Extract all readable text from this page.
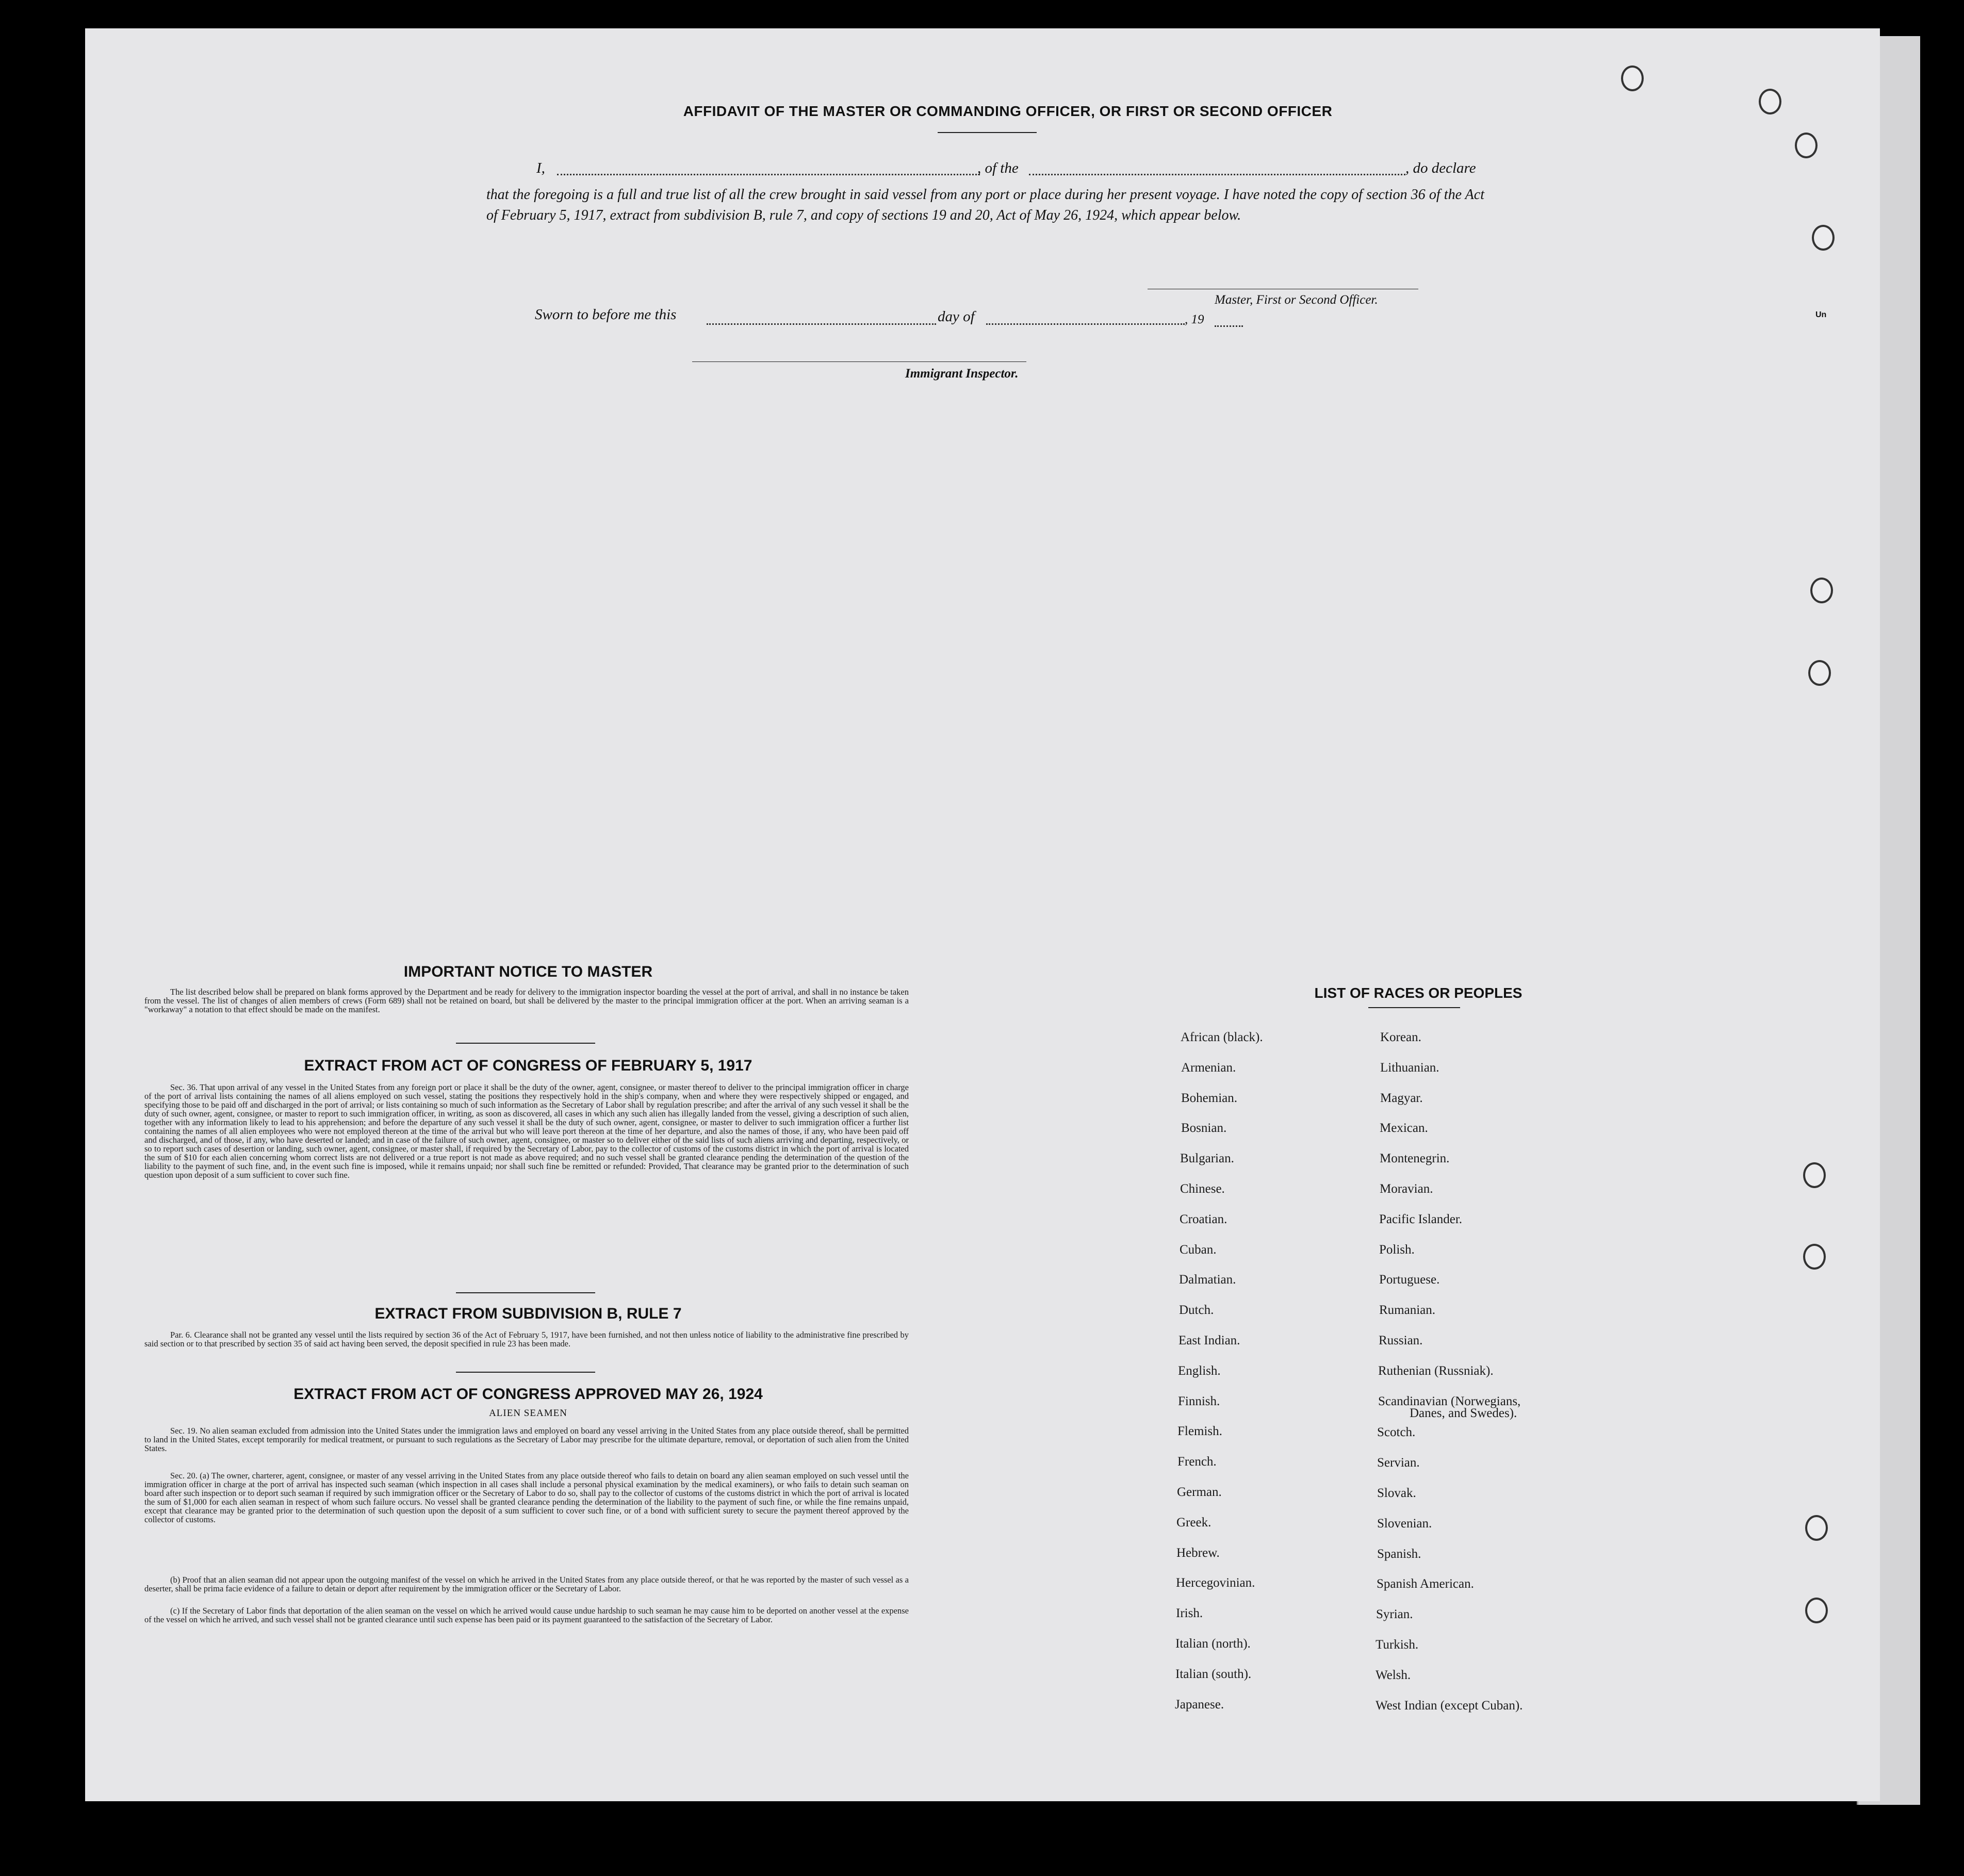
Un
AFFIDAVIT OF THE MASTER OR COMMANDING OFFICER, OR FIRST OR SECOND OFFICER
I,	, of the	, do declare
that the foregoing is a full and true list of all the crew brought in said vessel from any port or place during her present voyage. I have noted the copy of section 36 of the Act of February 5, 1917, extract from subdivision B, rule 7, and copy of sections 19 and 20, Act of May 26, 1924, which appear below.
Master, First or Second Officer.
Sworn to before me this	day of	, 19
Immigrant Inspector.
IMPORTANT NOTICE TO MASTER
The list described below shall be prepared on blank forms approved by the Department and be ready for delivery to the immigration inspector boarding the vessel at the port of arrival, and shall in no instance be taken from the vessel. The list of changes of alien members of crews (Form 689) shall not be retained on board, but shall be delivered by the master to the principal immigration officer at the port. When an arriving seaman is a "workaway" a notation to that effect should be made on the manifest.
EXTRACT FROM ACT OF CONGRESS OF FEBRUARY 5, 1917
Sec. 36. That upon arrival of any vessel in the United States from any foreign port or place it shall be the duty of the owner, agent, consignee, or master thereof to deliver to the principal immigration officer in charge of the port of arrival lists containing the names of all aliens employed on such vessel, stating the positions they respectively hold in the ship's company, when and where they were respectively shipped or engaged, and specifying those to be paid off and discharged in the port of arrival; or lists containing so much of such information as the Secretary of Labor shall by regulation prescribe; and after the arrival of any such vessel it shall be the duty of such owner, agent, consignee, or master to report to such immigration officer, in writing, as soon as discovered, all cases in which any such alien has illegally landed from the vessel, giving a description of such alien, together with any information likely to lead to his apprehension; and before the departure of any such vessel it shall be the duty of such owner, agent, consignee, or master to deliver to such immigration officer a further list containing the names of all alien employees who were not employed thereon at the time of the arrival but who will leave port thereon at the time of her departure, and also the names of those, if any, who have been paid off and discharged, and of those, if any, who have deserted or landed; and in case of the failure of such owner, agent, consignee, or master so to deliver either of the said lists of such aliens arriving and departing, respectively, or so to report such cases of desertion or landing, such owner, agent, consignee, or master shall, if required by the Secretary of Labor, pay to the collector of customs of the customs district in which the port of arrival is located the sum of $10 for each alien concerning whom correct lists are not delivered or a true report is not made as above required; and no such vessel shall be granted clearance pending the determination of the question of the liability to the payment of such fine, and, in the event such fine is imposed, while it remains unpaid; nor shall such fine be remitted or refunded: Provided, That clearance may be granted prior to the determination of such question upon deposit of a sum sufficient to cover such fine.
EXTRACT FROM SUBDIVISION B, RULE 7
Par. 6. Clearance shall not be granted any vessel until the lists required by section 36 of the Act of February 5, 1917, have been furnished, and not then unless notice of liability to the administrative fine prescribed by said section or to that prescribed by section 35 of said act having been served, the deposit specified in rule 23 has been made.
EXTRACT FROM ACT OF CONGRESS APPROVED MAY 26, 1924
ALIEN SEAMEN
Sec. 19. No alien seaman excluded from admission into the United States under the immigration laws and employed on board any vessel arriving in the United States from any place outside thereof, shall be permitted to land in the United States, except temporarily for medical treatment, or pursuant to such regulations as the Secretary of Labor may prescribe for the ultimate departure, removal, or deportation of such alien from the United States.
Sec. 20. (a) The owner, charterer, agent, consignee, or master of any vessel arriving in the United States from any place outside thereof who fails to detain on board any alien seaman employed on such vessel until the immigration officer in charge at the port of arrival has inspected such seaman (which inspection in all cases shall include a personal physical examination by the medical examiners), or who fails to detain such seaman on board after such inspection or to deport such seaman if required by such immigration officer or the Secretary of Labor to do so, shall pay to the collector of customs of the customs district in which the port of arrival is located the sum of $1,000 for each alien seaman in respect of whom such failure occurs. No vessel shall be granted clearance pending the determination of the liability to the payment of such fine, or while the fine remains unpaid, except that clearance may be granted prior to the determination of such question upon the deposit of a sum sufficient to cover such fine, or of a bond with sufficient surety to secure the payment thereof approved by the collector of customs.
(b) Proof that an alien seaman did not appear upon the outgoing manifest of the vessel on which he arrived in the United States from any place outside thereof, or that he was reported by the master of such vessel as a deserter, shall be prima facie evidence of a failure to detain or deport after requirement by the immigration officer or the Secretary of Labor.
(c) If the Secretary of Labor finds that deportation of the alien seaman on the vessel on which he arrived would cause undue hardship to such seaman he may cause him to be deported on another vessel at the expense of the vessel on which he arrived, and such vessel shall not be granted clearance until such expense has been paid or its payment guaranteed to the satisfaction of the Secretary of Labor.
LIST OF RACES OR PEOPLES
African (black).
Armenian.
Bohemian.
Bosnian.
Bulgarian.
Chinese.
Croatian.
Cuban.
Dalmatian.
Dutch.
East Indian.
English.
Finnish.
Flemish.
French.
German.
Greek.
Hebrew.
Hercegovinian.
Irish.
Italian (north).
Italian (south).
Japanese.
Korean.
Lithuanian.
Magyar.
Mexican.
Montenegrin.
Moravian.
Pacific Islander.
Polish.
Portuguese.
Rumanian.
Russian.
Ruthenian (Russniak).
Scandinavian (Norwegians,
Scotch.
Servian.
Slovak.
Slovenian.
Spanish.
Spanish American.
Syrian.
Turkish.
Welsh.
West Indian (except Cuban).
Danes, and Swedes).
